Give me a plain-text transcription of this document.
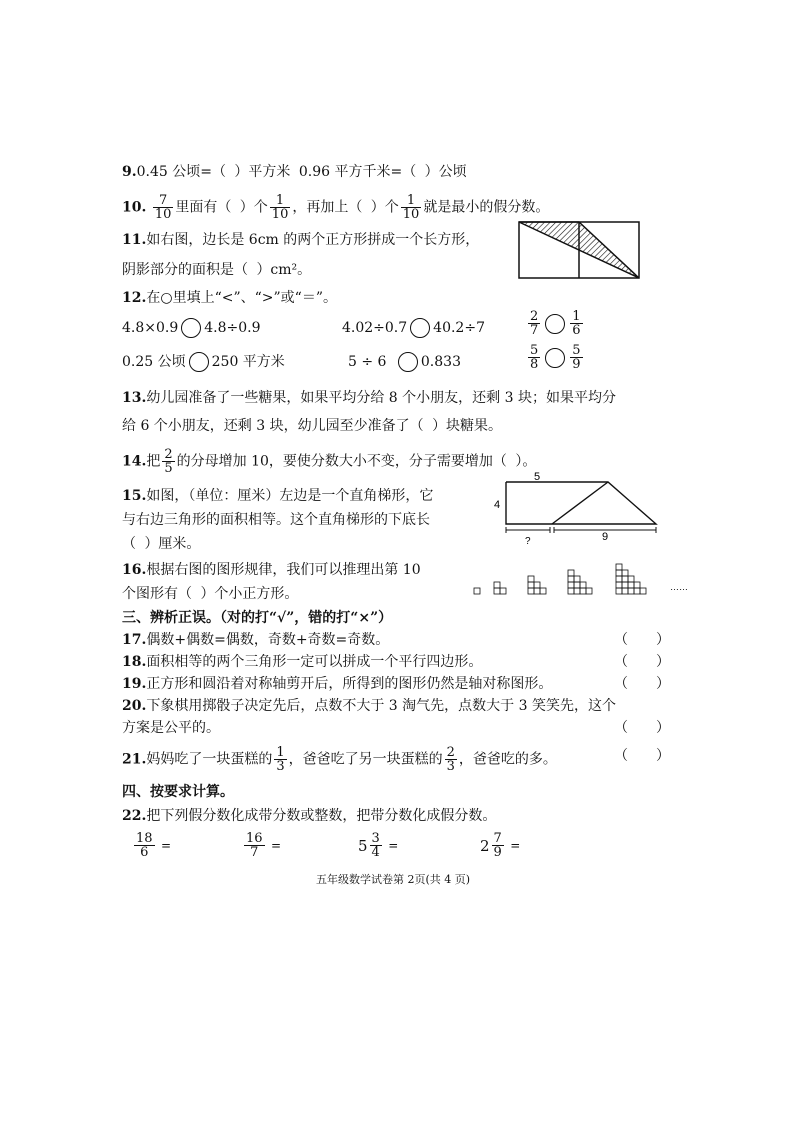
9.0.45 公顷=（ ）平方米 0.96 平方千米=（ ）公顷
10. $\frac{7}{10}$ 里面有（ ）个 $\frac{1}{10}$ ，再加上（ ）个 $\frac{1}{10}$ 就是最小的假分数。
11.如右图，边长是 6cm 的两个正方形拼成一个长方形，
阴影部分的面积是（ ）cm²。
12.在○里填上“<”、“>”或“＝”。
4.8×0.9 4.8÷0.9	4.02÷0.7 40.2÷7	$\frac{2}{7} \frac{1}{6}$
0.25 公顷 250 平方米	5 ÷ 6 0.833	$\frac{5}{8} \frac{5}{9}$
13.幼儿园准备了一些糖果，如果平均分给 8 个小朋友，还剩 3 块；如果平均分
给 6 个小朋友，还剩 3 块，幼儿园至少准备了（ ）块糖果。
14.把 $\frac{2}{5}$ 的分母增加 10，要使分数大小不变，分子需要增加（ ）。
15.如图，（单位：厘米）左边是一个直角梯形，它
与右边三角形的面积相等。这个直角梯形的下底长
（ ）厘米。
5
4
9
?
16.根据右图的图形规律，我们可以推理出第 10
个图形有（ ）个小正方形。	……
三、辨析正误。（对的打“√”，错的打“×”）
17.偶数+偶数=偶数，奇数+奇数=奇数。	（　　）
18.面积相等的两个三角形一定可以拼成一个平行四边形。	（　　）
19.正方形和圆沿着对称轴剪开后，所得到的图形仍然是轴对称图形。	（　　）
20.下象棋用掷骰子决定先后，点数不大于 3 淘气先，点数大于 3 笑笑先，这个
方案是公平的。	（　　）
21.妈妈吃了一块蛋糕的 $\frac{1}{3}$ ，爸爸吃了另一块蛋糕的 $\frac{2}{3}$ ，爸爸吃的多。	（　　）
四、按要求计算。
22.把下列假分数化成带分数或整数，把带分数化成假分数。
$\frac{18}{6}$ =	$\frac{16}{7}$ =	$5 \frac{3}{4}$ =	$2 \frac{7}{9}$ =
五年级数学试卷第 2页(共 4 页)
